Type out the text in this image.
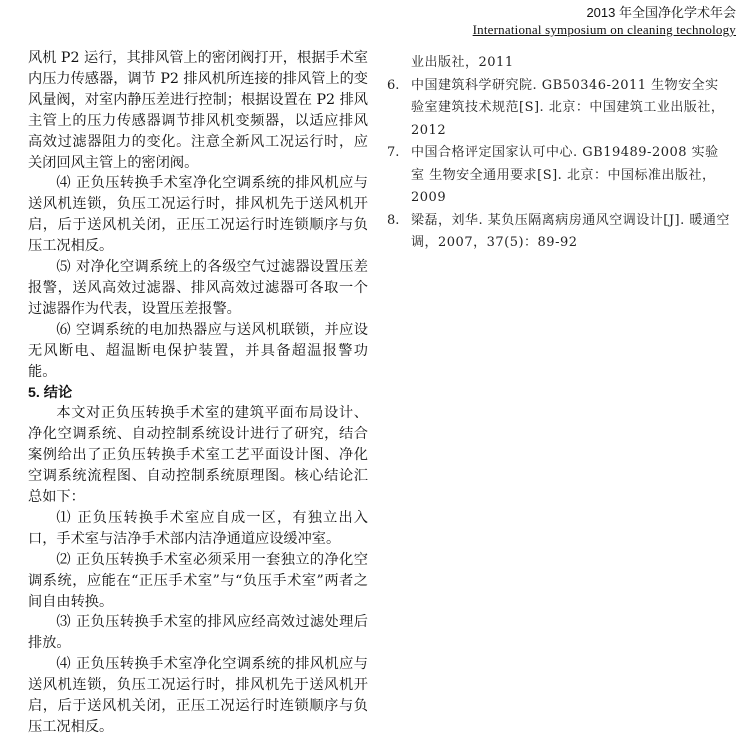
2013 年全国净化学术年会
International symposium on cleaning technology

风机 P2 运行，其排风管上的密闭阀打开，根据手术室内压力传感器，调节 P2 排风机所连接的排风管上的变风量阀，对室内静压差进行控制；根据设置在 P2 排风主管上的压力传感器调节排风机变频器，以适应排风高效过滤器阻力的变化。注意全新风工况运行时，应关闭回风主管上的密闭阀。

⑷ 正负压转换手术室净化空调系统的排风机应与送风机连锁，负压工况运行时，排风机先于送风机开启，后于送风机关闭，正压工况运行时连锁顺序与负压工况相反。

⑸ 对净化空调系统上的各级空气过滤器设置压差报警，送风高效过滤器、排风高效过滤器可各取一个过滤器作为代表，设置压差报警。

⑹ 空调系统的电加热器应与送风机联锁，并应设无风断电、超温断电保护装置，并具备超温报警功能。

5. 结论

本文对正负压转换手术室的建筑平面布局设计、净化空调系统、自动控制系统设计进行了研究，结合案例给出了正负压转换手术室工艺平面设计图、净化空调系统流程图、自动控制系统原理图。核心结论汇总如下：

⑴ 正负压转换手术室应自成一区，有独立出入口，手术室与洁净手术部内洁净通道应设缓冲室。

⑵ 正负压转换手术室必须采用一套独立的净化空调系统，应能在“正压手术室”与“负压手术室”两者之间自由转换。

⑶ 正负压转换手术室的排风应经高效过滤处理后排放。

⑷ 正负压转换手术室净化空调系统的排风机应与送风机连锁，负压工况运行时，排风机先于送风机开启，后于送风机关闭，正压工况运行时连锁顺序与负压工况相反。

业出版社，2011
6. 中国建筑科学研究院. GB50346-2011 生物安全实验室建筑技术规范[S]. 北京：中国建筑工业出版社，2012
7. 中国合格评定国家认可中心. GB19489-2008 实验室 生物安全通用要求[S]. 北京：中国标准出版社，2009
8. 梁磊，刘华. 某负压隔离病房通风空调设计[J]. 暖通空调，2007，37(5)：89-92
